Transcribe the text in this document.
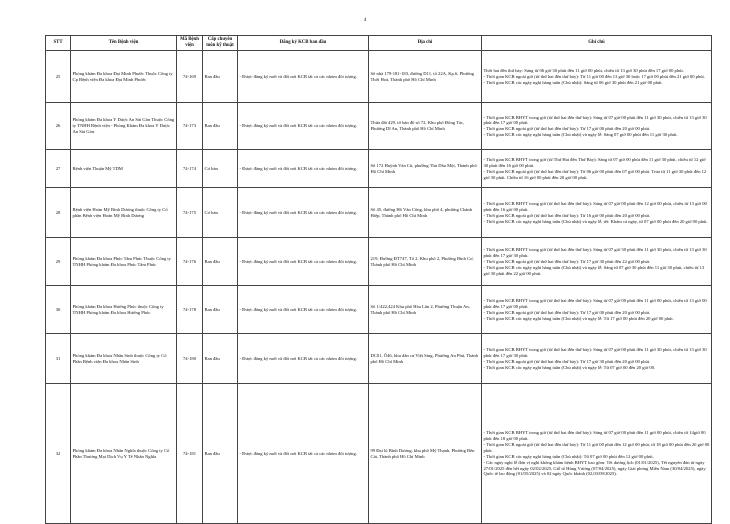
4
STT	Tên Bệnh viện	Mã Bệnh viện	Cấp chuyên môn kỹ thuật	Đăng ký KCB ban đầu	Địa chỉ	Ghi chú
25	Phòng khám Đa khoa Đại Minh Phước Thuộc Công ty Cp Bệnh viện Đa khoa Đại Minh Phước	74-169	Ban đầu	- Được đăng ký mới và đổi nơi KCB tất cả các nhóm đối tượng.	Số nhà 179-181-183, đường D11, tổ 22A, Kp.6, Phường Thới Hoà, Thành phố Hồ Chí Minh	Thời hai đến thứ bảy: Sáng từ 06 giờ 30 phút đến 11 giờ 00 phút, chiều từ 13 giờ 30 phút đến 17 giờ 00 phút.
- Thời gian KCB ngoài giờ (từ thứ hai đến thứ bảy): Từ 11 giờ 00 đến 13 giờ 30 hoặc 17 giờ 00 phút đến 21 giờ 00 phút.
- Thời gian KCB các ngày nghỉ hàng tuần (Chủ nhật): Sáng từ 06 giờ 30 phút đến 21 giờ 00 phút.

26	Phòng khám Đa khoa Y Dược An Sài Gòn Thuộc Công ty TNHH Bệnh viện - Phòng Khám Đa khoa Y Dược An Sài Gòn	74-173	Ban đầu	- Được đăng ký mới và đổi nơi KCB tất cả các nhóm đối tượng.	Thửa đất 429, tờ bản đồ số 72, Khu phố Đông Tác, Phường Dĩ An, Thành phố Hồ Chí Minh	- Thời gian KCB BHYT trong giờ (từ thứ hai đến thứ bảy): Sáng từ 07 giờ 00 phút đến 11 giờ 30 phút, chiều từ 13 giờ 30 phút đến 17 giờ 00 phút.
- Thời gian KCB ngoài giờ (từ thứ hai đến thứ bảy): Từ 17 giờ 00 phút đến 20 giờ 00 phút.
- Thời gian KCB các ngày nghỉ hàng tuần (Chủ nhật) và ngày lễ: Sáng 07 giờ 00 phút đến 11 giờ 30 phút.

27	Bệnh viện Thuận Mỹ TDM	74-174	Cơ bản	- Được đăng ký mới và đổi nơi KCB tất cả các nhóm đối tượng.	Số 172 Huỳnh Văn Cù, phường Thủ Dầu Một, Thành phố Hồ Chí Minh	- Thời gian KCB BHYT trong giờ (từ Thứ Hai đến Thứ Bảy): Sáng từ 07 giờ 00 phút đến 11 giờ 30 phút, chiều từ 12 giờ 30 phút đến 16 giờ 00 phút.
- Thời gian KCB ngoài giờ (từ thứ hai đến thứ bảy): Từ 06 giờ 00 phút đến 07 giờ 00 phút. Trưa từ 11 giờ 30 phút đến 12 giờ 30 phút. Chiều từ 16 giờ 00 phút đến 20 giờ 00 phút.

28	Bệnh viện Hoàn Mỹ Bình Dương thuộc Công ty Cổ phần Bệnh viện Hoàn Mỹ Bình Dương	74-175	Cơ bản	- Được đăng ký mới và đổi nơi KCB tất cả các nhóm đối tượng.	Số 45, đường Hồ Văn Cống, khu phố 4, phường Chánh Hiệp, Thành phố Hồ Chí Minh	- Thời gian KCB BHYT trong giờ (từ thứ hai đến thứ bảy): Sáng từ 07 giờ 00 phút đến 12 giờ 00 phút, chiều từ 13 giờ 00 phút đến 16 giờ 00 phút.
- Thời gian KCB ngoài giờ (từ thứ hai đến thứ bảy): Từ 16 giờ 00 phút đến 20 giờ 00 phút.
- Thời gian KCB các ngày nghỉ hàng tuần (Chủ nhật) và ngày lễ, tết: Khám cả ngày, từ 07 giờ 00 phút đến 20 giờ 00 phút.

29	Phòng khám Đa khoa Phúc Tâm Phúc Thuộc Công ty TNHH Phòng khám Đa khoa Phúc Tâm Phúc	74-176	Ban đầu	- Được đăng ký mới và đổi nơi KCB tất cả các nhóm đối tượng.	219, Đường ĐT747, Tổ 2, Khu phố 2, Phường Bình Cơ, Thành phố Hồ Chí Minh	- Thời gian KCB BHYT trong giờ (từ thứ hai đến thứ bảy): Sáng từ 07 giờ 30 phút đến 11 giờ 30 phút, chiều từ 13 giờ 30 phút đến 17 giờ 30 phút.
- Thời gian KCB ngoài giờ (từ thứ hai đến thứ bảy): Từ 17 giờ 30 phút đến 22 giờ 00 phút.
- Thời gian KCB các ngày nghỉ hàng tuần (Chủ nhật) và ngày lễ: Sáng từ 07 giờ 30 phút đến 11 giờ 30 phút, chiều từ 13 giờ 30 phút đến 22 giờ 00 phút.

30	Phòng khám Đa khoa Hướng Phúc thuộc Công ty TNHH Phòng khám Đa khoa Hướng Phúc	74-178	Ban đầu	- Được đăng ký mới và đổi nơi KCB tất cả các nhóm đối tượng.	Số 1/422,424 Khu phố Hòa Lân 2, Phường Thuận An, Thành phố Hồ Chí Minh	- Thời gian KCB BHYT trong giờ (từ thứ hai đến thứ bảy): Sáng từ 07 giờ 00 phút đến 11 giờ 00 phút, chiều từ 13 giờ 00 phút đến 17 giờ 00 phút.
- Thời gian KCB ngoài giờ (từ thứ hai đến thứ bảy): Từ 17 giờ 00 phút đến 20 giờ 00 phút.
- Thời gian KCB các ngày nghỉ hàng tuần (Chủ nhật) và ngày lễ: Từ 17 giờ 00 phút đến 20 giờ 00 phút.

31	Phòng khám Đa khoa Nhân Sinh thuộc Công ty Cổ Phần Bệnh viện Đa khoa Nhân Sinh	74-180	Ban đầu	- Được đăng ký mới và đổi nơi KCB tất cả các nhóm đối tượng.	DC01, Ô46, khu dân cư Việt Sing, Phường An Phú, Thành phố Hồ Chí Minh	- Thời gian KCB BHYT trong giờ (từ thứ hai đến thứ bảy): Sáng từ 07 giờ 00 phút đến 11 giờ 30 phút, chiều từ 13 giờ 30 phút đến 17 giờ 30 phút.
- Thời gian KCB ngoài giờ (từ thứ hai đến thứ bảy): Từ 17 giờ 30 phút đến 20 giờ 00 phút.
- Thời gian KCB các ngày nghỉ hàng tuần (Chủ nhật) và ngày lễ: Từ 07 giờ 00 đến 20 giờ 00.

32	Phòng khám Đa khoa Nhân Nghĩa thuộc Công ty Cổ Phần Thương Mại Dịch Vụ Y Tế Nhân Nghĩa	74-181	Ban đầu	- Được đăng ký mới và đổi nơi KCB tất cả các nhóm đối tượng.	99 Đại lộ Bình Dương, khu phố Mỹ Thạnh, Phường Bến Cát, Thành phố Hồ Chí Minh	- Thời gian KCB BHYT trong giờ (từ thứ hai đến thứ bảy): Sáng từ 07 giờ 00 phút đến 11 giờ 00 phút, chiều từ 14giờ 00 phút đến 18 giờ 00 phút.
- Thời gian KCB ngoài giờ (từ thứ hai đến thứ bảy): Từ 11 giờ 00 phút đến 12 giờ 00 phút, từ 18 giờ 00 phút đến 20 giờ 00 phút.
- Thời gian KCB các ngày nghỉ hàng tuần (Chủ nhật): Từ 07 giờ 00 phút đến 12 giờ 00 phút.
- Các ngày nghỉ lễ đơn vị nghỉ không khám bệnh BHYT bao gồm: Tết dương lịch (01/01/2025), Tết nguyên đán từ ngày 27/01/2025 đến hết ngày 02/02/2025, Giỗ tổ Hùng Vương (07/04/2025), ngày Giải phóng Miền Nam (30/04/2025), ngày Quốc tế lao động (01/05/2025) và 02 ngày Quốc khánh (02,03/09/2025).
